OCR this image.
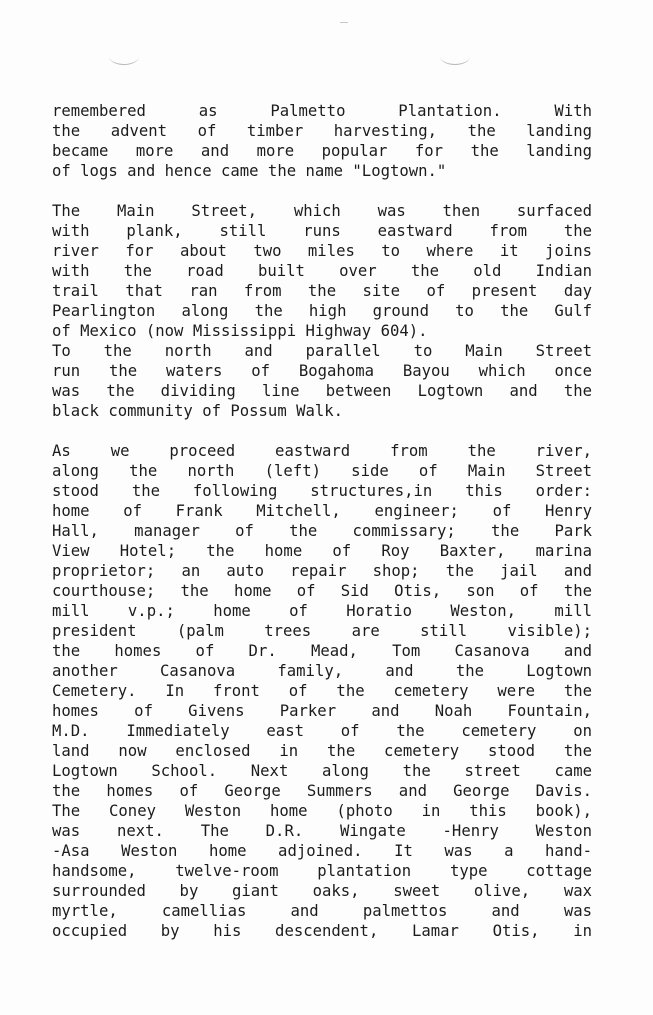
remembered as Palmetto Plantation. With
the advent of timber harvesting, the landing
became more and more popular for the landing
of logs and hence came the name "Logtown."
The Main Street, which was then surfaced
with plank, still runs eastward from the
river for about two miles to where it joins
with the road built over the old Indian
trail that ran from the site of present day
Pearlington along the high ground to the Gulf
of Mexico (now Mississippi Highway 604).
To the north and parallel to Main Street
run the waters of Bogahoma Bayou which once
was the dividing line between Logtown and the
black community of Possum Walk.
As we proceed eastward from the river,
along the north (left) side of Main Street
stood the following structures,in this order:
home of Frank Mitchell, engineer; of Henry
Hall, manager of the commissary; the Park
View Hotel; the home of Roy Baxter, marina
proprietor; an auto repair shop; the jail and
courthouse; the home of Sid Otis, son of the
mill v.p.; home of Horatio Weston, mill
president (palm trees are still visible);
the homes of Dr. Mead, Tom Casanova and
another Casanova family, and the Logtown
Cemetery. In front of the cemetery were the
homes of Givens Parker and Noah Fountain,
M.D. Immediately east of the cemetery on
land now enclosed in the cemetery stood the
Logtown School. Next along the street came
the homes of George Summers and George Davis.
The Coney Weston home (photo in this book),
was next. The D.R. Wingate -Henry Weston
-Asa Weston home adjoined. It was a hand-
handsome, twelve-room plantation type cottage
surrounded by giant oaks, sweet olive, wax
myrtle, camellias and palmettos and was
occupied by his descendent, Lamar Otis, in
